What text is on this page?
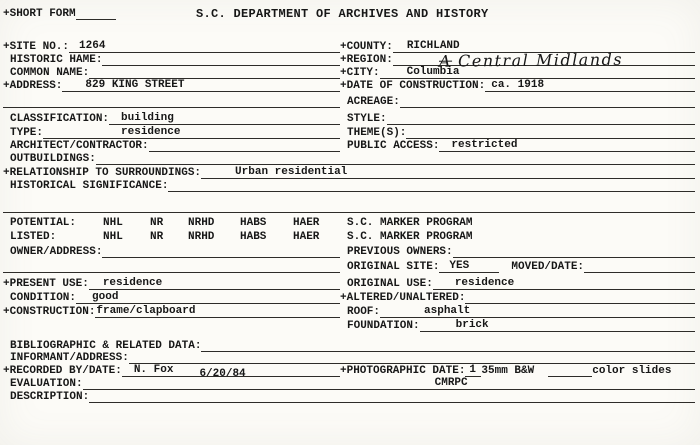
+SHORT FORM	S.C. DEPARTMENT OF ARCHIVES AND HISTORY
+SITE NO.: 1264	+COUNTY:	RICHLAND
HISTORIC HAME:	+REGION:	A Central Midlands
COMMON NAME:	+CITY:	Columbia
+ADDRESS:	829 KING STREET	+DATE OF CONSTRUCTION: ca. 1918
ACREAGE:
CLASSIFICATION:	building	STYLE:
TYPE:	residence	THEME(S):
ARCHITECT/CONTRACTOR:	PUBLIC ACCESS:	restricted
OUTBUILDINGS:
+RELATIONSHIP TO SURROUNDINGS:	Urban residential
HISTORICAL SIGNIFICANCE:
POTENTIAL:	NHL	NR	NRHD	HABS	HAER	S.C. MARKER PROGRAM
LISTED:	NHL	NR	NRHD	HABS	HAER	S.C. MARKER PROGRAM
OWNER/ADDRESS:	PREVIOUS OWNERS:
ORIGINAL SITE: YES	MOVED/DATE:
+PRESENT USE:	residence	ORIGINAL USE:	residence
CONDITION:	good	+ALTERED/UNALTERED:
+CONSTRUCTION: frame/clapboard	ROOF:	asphalt
FOUNDATION:	brick
BIBLIOGRAPHIC & RELATED DATA:
INFORMANT/ADDRESS:
+RECORDED BY/DATE:	N. Fox	6/20/84	+PHOTOGRAPHIC DATE: 1 35mm B&W	color slides
EVALUATION:	CMRPC
DESCRIPTION:
